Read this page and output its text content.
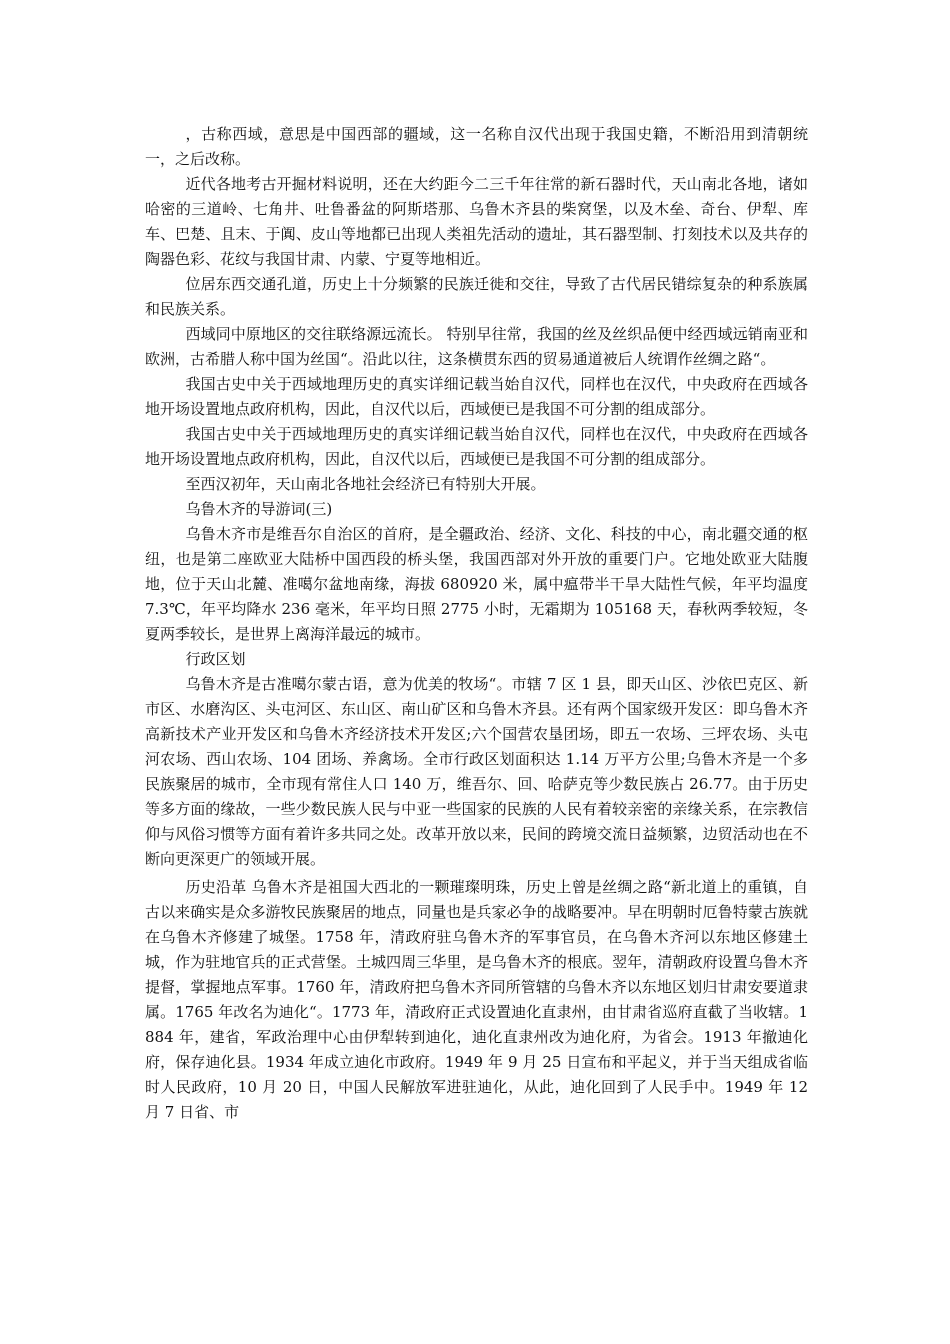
，古称西域，意思是中国西部的疆域，这一名称自汉代出现于我国史籍，不断沿用到清朝统一，之后改称。

近代各地考古开掘材料说明，还在大约距今二三千年往常的新石器时代，天山南北各地，诸如哈密的三道岭、七角井、吐鲁番盆的阿斯塔那、乌鲁木齐县的柴窝堡，以及木垒、奇台、伊犁、库车、巴楚、且末、于阗、皮山等地都已出现人类祖先活动的遗址，其石器型制、打刻技术以及共存的陶器色彩、花纹与我国甘肃、内蒙、宁夏等地相近。

位居东西交通孔道，历史上十分频繁的民族迁徙和交往，导致了古代居民错综复杂的种系族属和民族关系。

西域同中原地区的交往联络源远流长。 特别早往常，我国的丝及丝织品便中经西域远销南亚和欧洲，古希腊人称中国为丝国“。沿此以往，这条横贯东西的贸易通道被后人统谓作丝绸之路“。

我国古史中关于西域地理历史的真实详细记载当始自汉代，同样也在汉代，中央政府在西域各地开场设置地点政府机构，因此，自汉代以后，西域便已是我国不可分割的组成部分。

我国古史中关于西域地理历史的真实详细记载当始自汉代，同样也在汉代，中央政府在西域各地开场设置地点政府机构，因此，自汉代以后，西域便已是我国不可分割的组成部分。

至西汉初年，天山南北各地社会经济已有特别大开展。

乌鲁木齐的导游词(三)

乌鲁木齐市是维吾尔自治区的首府，是全疆政治、经济、文化、科技的中心，南北疆交通的枢纽，也是第二座欧亚大陆桥中国西段的桥头堡，我国西部对外开放的重要门户。它地处欧亚大陆腹地，位于天山北麓、准噶尔盆地南缘，海拔 680920 米，属中瘟带半干旱大陆性气候，年平均温度 7.3℃，年平均降水 236 毫米，年平均日照 2775 小时，无霜期为 105168 天，春秋两季较短，冬夏两季较长，是世界上离海洋最远的城市。

行政区划

乌鲁木齐是古准噶尔蒙古语，意为优美的牧场“。市辖 7 区 1 县，即天山区、沙依巴克区、新市区、水磨沟区、头屯河区、东山区、南山矿区和乌鲁木齐县。还有两个国家级开发区：即乌鲁木齐高新技术产业开发区和乌鲁木齐经济技术开发区;六个国营农垦团场，即五一农场、三坪农场、头屯河农场、西山农场、104 团场、养禽场。全市行政区划面积达 1.14 万平方公里;乌鲁木齐是一个多民族聚居的城市，全市现有常住人口 140 万，维吾尔、回、哈萨克等少数民族占 26.77。由于历史等多方面的缘故，一些少数民族人民与中亚一些国家的民族的人民有着较亲密的亲缘关系，在宗教信仰与风俗习惯等方面有着许多共同之处。改革开放以来，民间的跨境交流日益频繁，边贸活动也在不断向更深更广的领域开展。

历史沿革 乌鲁木齐是祖国大西北的一颗璀璨明珠，历史上曾是丝绸之路“新北道上的重镇，自古以来确实是众多游牧民族聚居的地点，同量也是兵家必争的战略要冲。早在明朝时厄鲁特蒙古族就在乌鲁木齐修建了城堡。1758 年，清政府驻乌鲁木齐的军事官员，在乌鲁木齐河以东地区修建土城，作为驻地官兵的正式营堡。土城四周三华里，是乌鲁木齐的根底。翌年，清朝政府设置乌鲁木齐提督，掌握地点军事。1760 年，清政府把乌鲁木齐同所管辖的乌鲁木齐以东地区划归甘肃安要道隶属。1765 年改名为迪化“。1773 年，清政府正式设置迪化直隶州，由甘肃省巡府直截了当收辖。1884 年，建省，军政治理中心由伊犁转到迪化，迪化直隶州改为迪化府，为省会。1913 年撤迪化府，保存迪化县。1934 年成立迪化市政府。1949 年 9 月 25 日宣布和平起义，并于当天组成省临时人民政府，10 月 20 日，中国人民解放军进驻迪化，从此，迪化回到了人民手中。1949 年 12 月 7 日省、市
